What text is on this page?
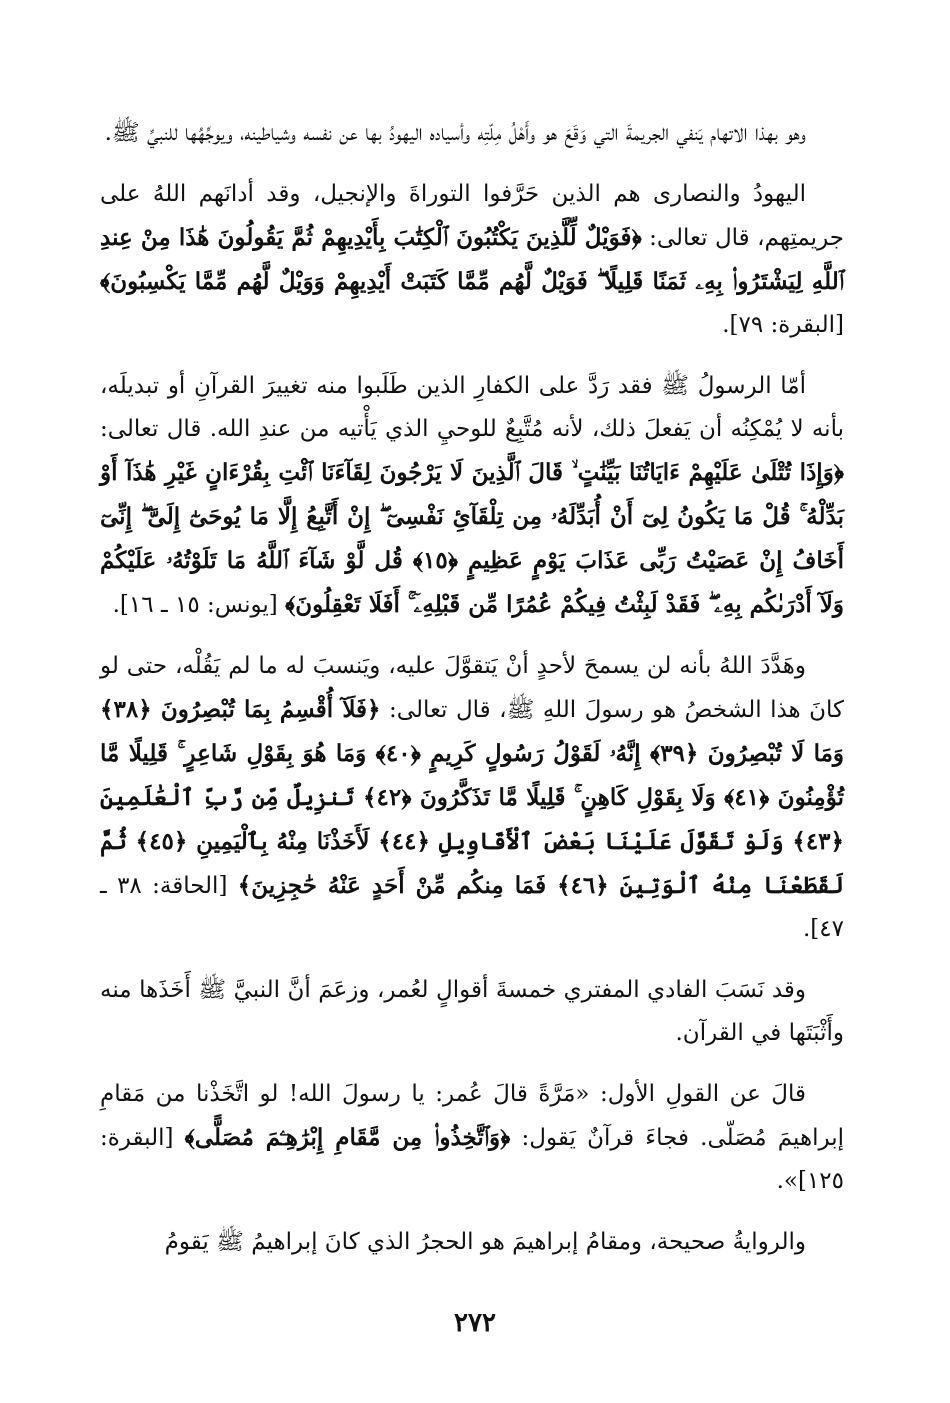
وهو بهذا الاتهام يَنفي الجريمةَ التي وَقَعَ هو وأَهْلُ مِلّتِه وأسياده اليهودُ بها عن نفسه وشياطينه، ويوجِّهُها للنبيِّ ﷺ.

اليهودُ والنصارى هم الذين حَرَّفوا التوراةَ والإنجيل، وقد أدانَهم اللهُ على جريمتِهم، قال تعالى: ﴿فَوَيْلٌ لِّلَّذِينَ يَكْتُبُونَ ٱلْكِتَٰبَ بِأَيْدِيهِمْ ثُمَّ يَقُولُونَ هَٰذَا مِنْ عِندِ ٱللَّهِ لِيَشْتَرُوا۟ بِهِۦ ثَمَنًا قَلِيلًا ۖ فَوَيْلٌ لَّهُم مِّمَّا كَتَبَتْ أَيْدِيهِمْ وَوَيْلٌ لَّهُم مِّمَّا يَكْسِبُونَ﴾ [البقرة: ٧٩].

أمّا الرسولُ ﷺ فقد رَدَّ على الكفارِ الذين طَلَبوا منه تغييرَ القرآنِ أو تبديلَه، بأنه لا يُمْكِنُه أن يَفعلَ ذلك، لأنه مُتَّبِعٌ للوحيِ الذي يَأْتيه من عندِ الله. قال تعالى: ﴿وَإِذَا تُتْلَىٰ عَلَيْهِمْ ءَايَاتُنَا بَيِّنَٰتٍ ۙ قَالَ ٱلَّذِينَ لَا يَرْجُونَ لِقَآءَنَا ٱئْتِ بِقُرْءَانٍ غَيْرِ هَٰذَآ أَوْ بَدِّلْهُ ۚ قُلْ مَا يَكُونُ لِىٓ أَنْ أُبَدِّلَهُۥ مِن تِلْقَآئِ نَفْسِىٓ ۖ إِنْ أَتَّبِعُ إِلَّا مَا يُوحَىٰٓ إِلَىَّ ۖ إِنِّىٓ أَخَافُ إِنْ عَصَيْتُ رَبِّى عَذَابَ يَوْمٍ عَظِيمٍ ﴿١٥﴾ قُل لَّوْ شَآءَ ٱللَّهُ مَا تَلَوْتُهُۥ عَلَيْكُمْ وَلَآ أَدْرَىٰكُم بِهِۦ ۖ فَقَدْ لَبِثْتُ فِيكُمْ عُمُرًا مِّن قَبْلِهِۦٓ ۚ أَفَلَا تَعْقِلُونَ﴾ [يونس: ١٥ ـ ١٦].

وهَدَّدَ اللهُ بأنه لن يسمحَ لأحدٍ أنْ يَتقوَّلَ عليه، ويَنسبَ له ما لم يَقُلْه، حتى لو كانَ هذا الشخصُ هو رسولَ اللهِ ﷺ، قال تعالى: ﴿فَلَآ أُقْسِمُ بِمَا تُبْصِرُونَ ﴿٣٨﴾ وَمَا لَا تُبْصِرُونَ ﴿٣٩﴾ إِنَّهُۥ لَقَوْلُ رَسُولٍ كَرِيمٍ ﴿٤٠﴾ وَمَا هُوَ بِقَوْلِ شَاعِرٍ ۚ قَلِيلًا مَّا تُؤْمِنُونَ ﴿٤١﴾ وَلَا بِقَوْلِ كَاهِنٍ ۚ قَلِيلًا مَّا تَذَكَّرُونَ ﴿٤٢﴾ تَنزِيلٌ مِّن رَّبِّ ٱلْعَٰلَمِينَ ﴿٤٣﴾ وَلَوْ تَقَوَّلَ عَلَيْنَا بَعْضَ ٱلْأَقَاوِيلِ ﴿٤٤﴾ لَأَخَذْنَا مِنْهُ بِٱلْيَمِينِ ﴿٤٥﴾ ثُمَّ لَقَطَعْنَا مِنْهُ ٱلْوَتِينَ ﴿٤٦﴾ فَمَا مِنكُم مِّنْ أَحَدٍ عَنْهُ حَٰجِزِينَ﴾ [الحاقة: ٣٨ ـ ٤٧].

وقد نَسَبَ الفادي المفتري خمسةَ أقوالٍ لعُمر، وزعَمَ أنَّ النبيَّ ﷺ أَخَذَها منه وأَثْبَتَها في القرآن.

قالَ عن القولِ الأول: «مَرَّةً قالَ عُمر: يا رسولَ الله! لو اتَّخَذْنا من مَقامِ إبراهيمَ مُصَلّى. فجاءَ قرآنٌ يَقول: ﴿وَٱتَّخِذُوا۟ مِن مَّقَامِ إِبْرَٰهِـۧمَ مُصَلًّى﴾ [البقرة: ١٢٥]».

والروايةُ صحيحة، ومقامُ إبراهيمَ هو الحجرُ الذي كانَ إبراهيمُ ﷺ يَقومُ

٢٧٢
